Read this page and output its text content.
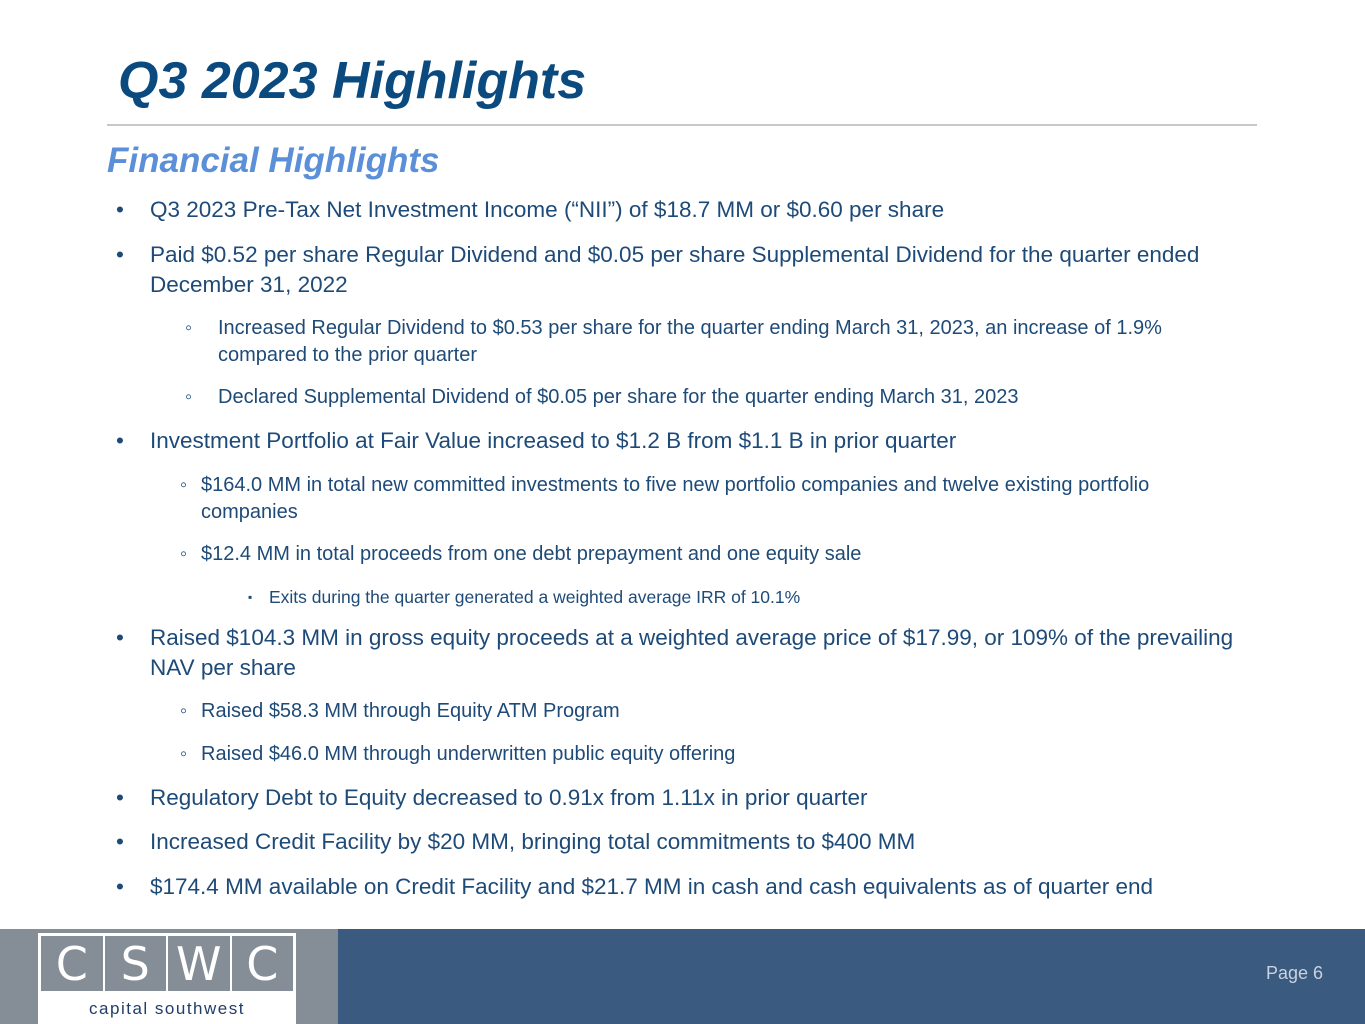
Q3 2023 Highlights
Financial Highlights
• Q3 2023 Pre-Tax Net Investment Income (“NII”) of $18.7 MM or $0.60 per share
• Paid $0.52 per share Regular Dividend and $0.05 per share Supplemental Dividend for the quarter ended December 31, 2022
◦ Increased Regular Dividend to $0.53 per share for the quarter ending March 31, 2023, an increase of 1.9% compared to the prior quarter
◦ Declared Supplemental Dividend of $0.05 per share for the quarter ending March 31, 2023
• Investment Portfolio at Fair Value increased to $1.2 B from $1.1 B in prior quarter
◦ $164.0 MM in total new committed investments to five new portfolio companies and twelve existing portfolio companies
◦ $12.4 MM in total proceeds from one debt prepayment and one equity sale
▪ Exits during the quarter generated a weighted average IRR of 10.1%
• Raised $104.3 MM in gross equity proceeds at a weighted average price of $17.99, or 109% of the prevailing NAV per share
◦ Raised $58.3 MM through Equity ATM Program
◦ Raised $46.0 MM through underwritten public equity offering
• Regulatory Debt to Equity decreased to 0.91x from 1.11x in prior quarter
• Increased Credit Facility by $20 MM, bringing total commitments to $400 MM
• $174.4 MM available on Credit Facility and $21.7 MM in cash and cash equivalents as of quarter end
C S W C
capital southwest
Page 6
